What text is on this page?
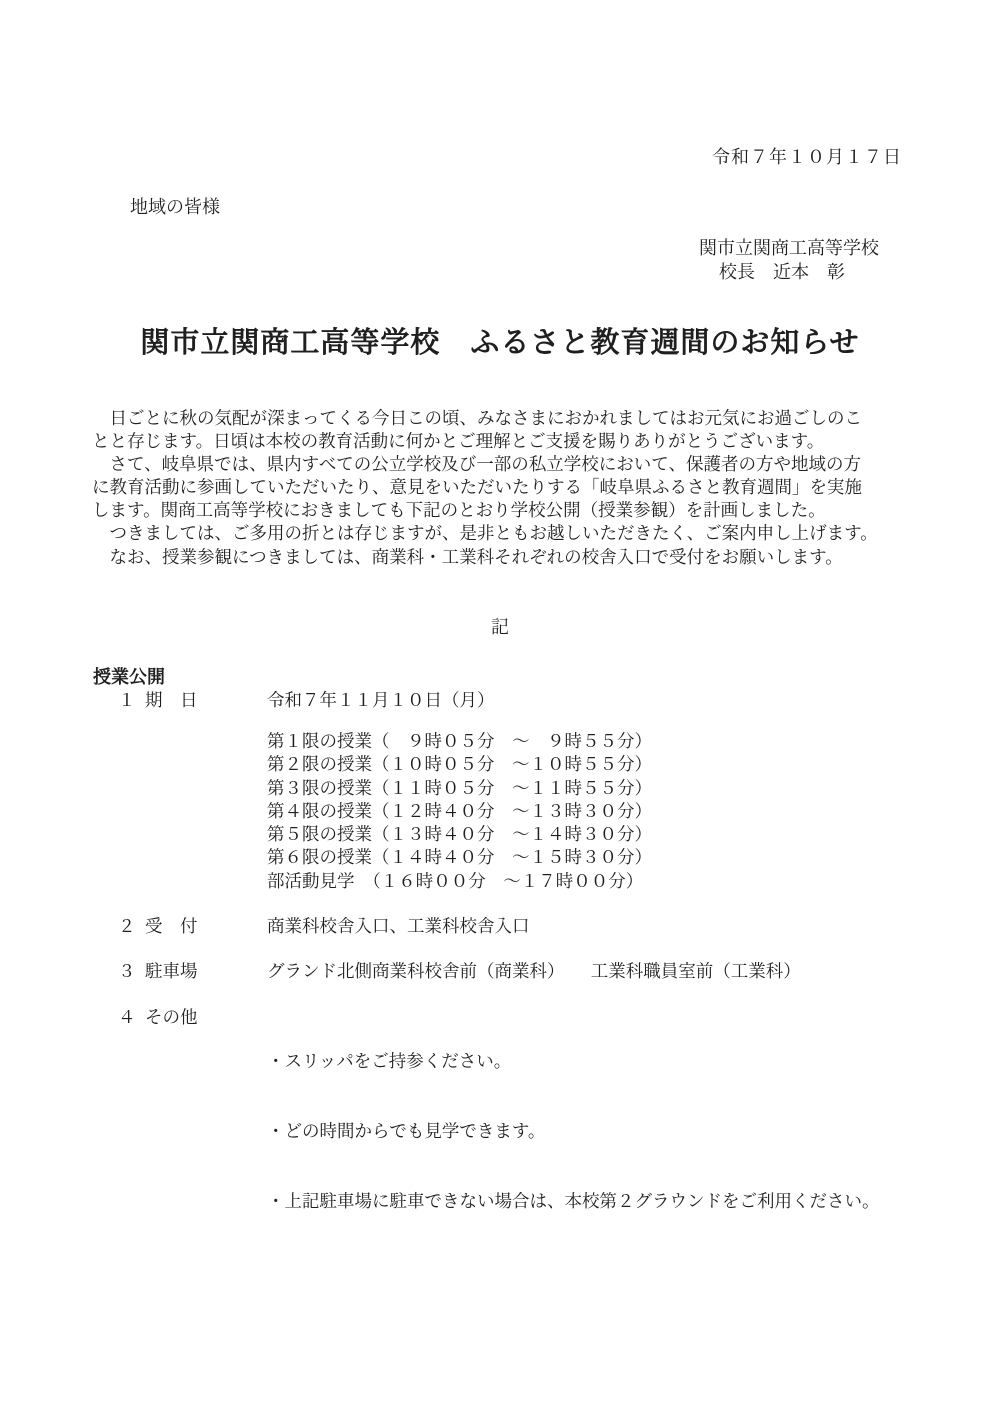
令和７年１０月１７日
地域の皆様
関市立関商工高等学校
校長　近本　彰
関市立関商工高等学校　ふるさと教育週間のお知らせ
　日ごとに秋の気配が深まってくる今日この頃、みなさまにおかれましてはお元気にお過ごしのこ
とと存じます。日頃は本校の教育活動に何かとご理解とご支援を賜りありがとうございます。
　さて、岐阜県では、県内すべての公立学校及び一部の私立学校において、保護者の方や地域の方
に教育活動に参画していただいたり、意見をいただいたりする「岐阜県ふるさと教育週間」を実施
します。関商工高等学校におきましても下記のとおり学校公開（授業参観）を計画しました。
　つきましては、ご多用の折とは存じますが、是非ともお越しいただきたく、ご案内申し上げます。
　なお、授業参観につきましては、商業科・工業科それぞれの校舎入口で受付をお願いします。
記
授業公開
１ 期　日	令和７年１１月１０日（月）
第１限の授業（　９時０５分　～　９時５５分）
第２限の授業（１０時０５分　～１０時５５分）
第３限の授業（１１時０５分　～１１時５５分）
第４限の授業（１２時４０分　～１３時３０分）
第５限の授業（１３時４０分　～１４時３０分）
第６限の授業（１４時４０分　～１５時３０分）
部活動見学　（１６時００分　～１７時００分）
２ 受　付	商業科校舎入口、工業科校舎入口
３ 駐車場	グランド北側商業科校舎前（商業科）　　工業科職員室前（工業科）
４ その他

・スリッパをご持参ください。

・どの時間からでも見学できます。

・上記駐車場に駐車できない場合は、本校第２グラウンドをご利用ください。
